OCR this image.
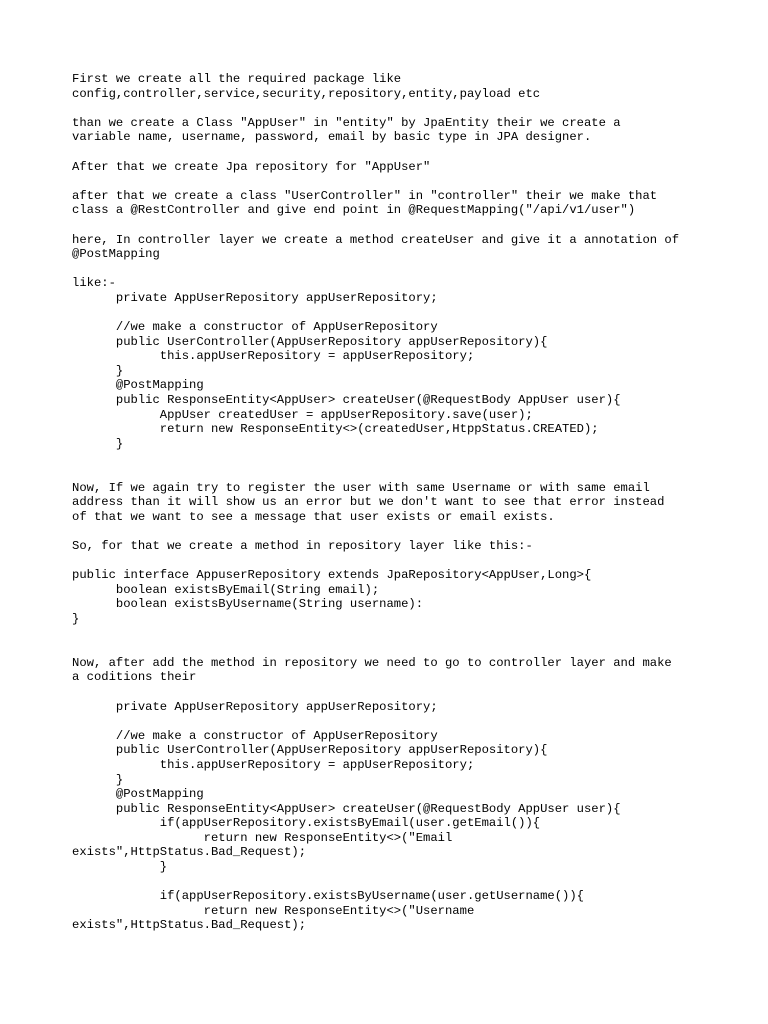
First we create all the required package like
config,controller,service,security,repository,entity,payload etc
than we create a Class "AppUser" in "entity" by JpaEntity their we create a
variable name, username, password, email by basic type in JPA designer.
After that we create Jpa repository for "AppUser"
after that we create a class "UserController" in "controller" their we make that
class a @RestController and give end point in @RequestMapping("/api/v1/user")
here, In controller layer we create a method createUser and give it a annotation of
@PostMapping
like:-
private AppUserRepository appUserRepository;
//we make a constructor of AppUserRepository
public UserController(AppUserRepository appUserRepository){
this.appUserRepository = appUserRepository;
}
@PostMapping
public ResponseEntity<AppUser> createUser(@RequestBody AppUser user){
AppUser createdUser = appUserRepository.save(user);
return new ResponseEntity<>(createdUser,HtppStatus.CREATED);
}
Now, If we again try to register the user with same Username or with same email
address than it will show us an error but we don't want to see that error instead
of that we want to see a message that user exists or email exists.
So, for that we create a method in repository layer like this:-
public interface AppuserRepository extends JpaRepository<AppUser,Long>{
boolean existsByEmail(String email);
boolean existsByUsername(String username):
}
Now, after add the method in repository we need to go to controller layer and make
a coditions their
private AppUserRepository appUserRepository;
//we make a constructor of AppUserRepository
public UserController(AppUserRepository appUserRepository){
this.appUserRepository = appUserRepository;
}
@PostMapping
public ResponseEntity<AppUser> createUser(@RequestBody AppUser user){
if(appUserRepository.existsByEmail(user.getEmail()){
return new ResponseEntity<>("Email
exists",HttpStatus.Bad_Request);
}
if(appUserRepository.existsByUsername(user.getUsername()){
return new ResponseEntity<>("Username
exists",HttpStatus.Bad_Request);
